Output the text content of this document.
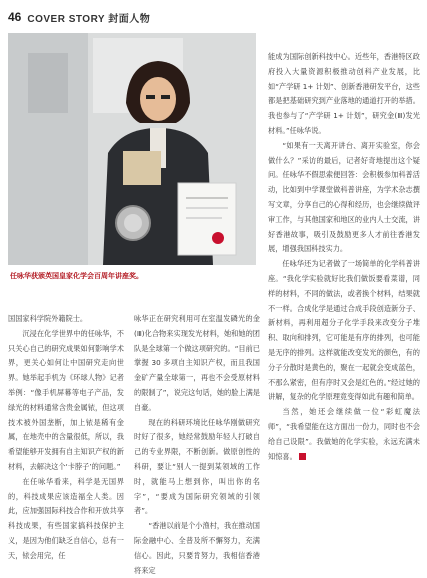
46 COVER STORY 封面人物
任咏华获颁英国皇家化学会百周年讲座奖。

国国家科学院外籍院士。

沉浸在化学世界中的任咏华，不只关心自己的研究成果如何影响学术界，更关心如何让中国研究走向世界。她举起手机为《环球人物》记者举例：“像手机屏幕等电子产品，发绿光的材料通常含贵金属铱，但这项技术被外国垄断，加上铱是稀有金属，在地壳中的含量很低，所以，我希望能够开发拥有自主知识产权的新材料，去解决这个‘卡脖子’的问题。”

在任咏华看来，科学是无国界的，科技成果应该造福全人类。因此，应加强国际科技合作和开放共享科技成果，有些国家搞科技保护主义，是因为他们缺乏自信心，总有一天，铱会用完，任

咏华正在研究利用可在室温发磷光的金(Ⅲ)化合物来实现发光材料，她和她的团队是全球第一个做这项研究的。“目前已掌握 30 多项自主知识产权，而且我国金矿产量全球第一，再也不会受原材料的限制了”，说完这句话，她的脸上满是自豪。

现在的科研环境比任咏华刚做研究时好了很多，她经常鼓励年轻人打破自己的专业界限，不断创新。做原创性的科研，要让“别人一提到某领域的工作时，就能马上想到你，叫出你的名字”，“要成为国际研究领域的引领者”。

“香港以前是个小渔村，我在推动国际金融中心、全普及所不懈努力，充满信心。因此，只要肯努力，我相信香港将来定

能成为国际创新科技中心。近些年，香港特区政府投入大量资源积极推动创科产业发展，比如“产学研 1+ 计划”、创新香港研发平台，这些都是把基础研究到产业落地的通道打开的举措。我也参与了“产学研 1+ 计划”，研究金(Ⅲ)发光材料。”任咏华说。

“如果有一天离开讲台、离开实验室，你会做什么？”采访的最后，记者好奇地提出这个疑问。任咏华不假思索便回答：会积极参加科普活动，比如到中学课堂做科普讲座，为学术杂志撰写文章，分享自己的心得和经历，也会继续做评审工作，与其他国家和地区的业内人士交流，讲好香港故事，吸引及鼓励更多人才前往香港发展，增强我国科技实力。

任咏华还为记者做了一场简单的化学科普讲座。“我化学实验就好比我们做饭要看菜谱，同样的材料，不同的做法，或者换个材料，结果就不一样。合成化学是通过合成手段创造新分子、新材料，再利用超分子化学手段来改变分子堆积、取向和排列，它可能是有序的排列，也可能是无序的排列。这样就能改变发光的颜色，有的分子分散时是黄色的，聚在一起就会变成蓝色，不那么紧密，但有序时又会是红色的。”经过她的讲解，复杂的化学原理竟变得如此有趣和简单。

当然，她还会继续做一位“彩虹魔法师”，“我希望能在这方面出一份力，同时也不会给自己设限”。我做她的化学实验，永远充满未知惊喜。	Ⓖ
